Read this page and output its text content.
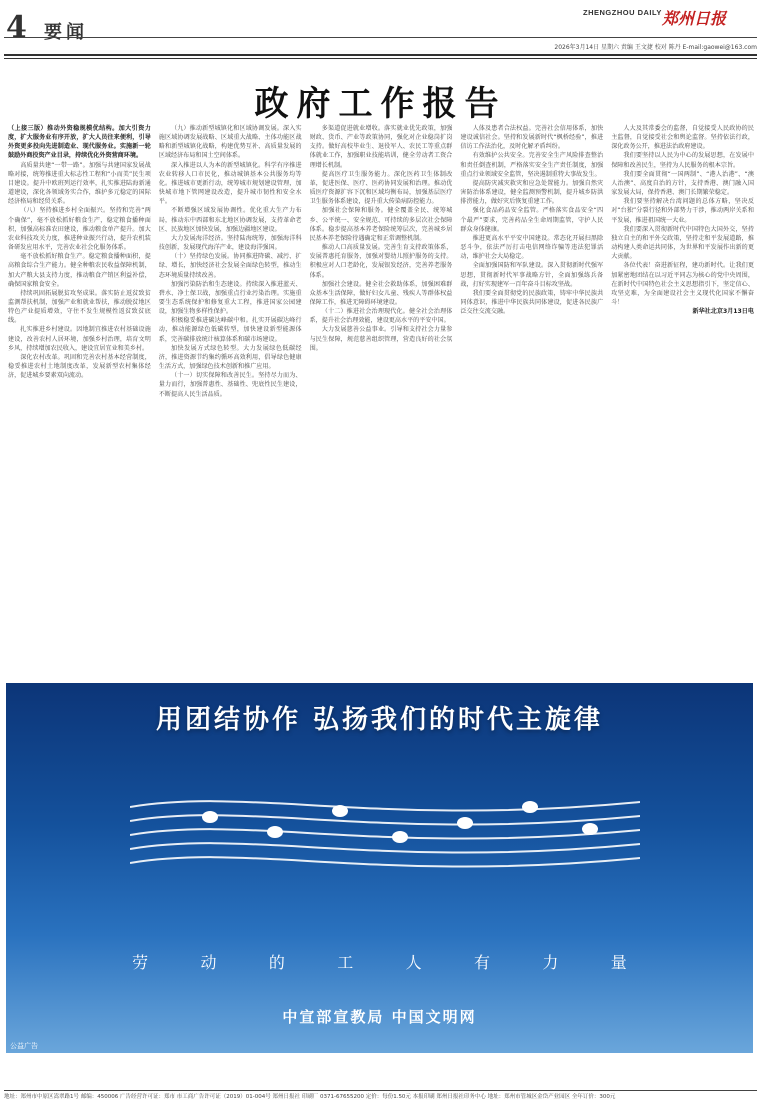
4 要闻
ZHENGZHOU DAILY 郑州日报
2026年3月14日 星期六 责编 王文捷 校对 陈丹 E-mail:gaowei@163.com
政府工作报告

（上接三版）推动外资稳规模优结构。加大引资力度，扩大服务业有序开放，扩大人员往来便利，引导外资更多投向先进制造业、现代服务业。实施新一轮鼓励外商投资产业目录，持续优化外资营商环境。

高质量共建“一带一路”。加强与共建国家发展战略对接，统筹推进重大标志性工程和“小而美”民生项目建设。提升中欧班列运行效率，扎实推进陆海新通道建设，深化各领域务实合作，维护多元稳定的国际经济格局和经贸关系。

（八）坚持推进乡村全面振兴。坚持和完善“两个确保”，毫不放松抓好粮食生产，稳定粮食播种面积，加强高标准农田建设，推动粮食单产提升。加大农业科技攻关力度，推进种业振兴行动，提升农机装备研发应用水平，完善农业社会化服务体系。

毫不放松抓好粮食生产。稳定粮食播种面积，提高粮食综合生产能力。健全种粮农民收益保障机制，加大产粮大县支持力度，推动粮食产销区利益补偿，确保国家粮食安全。

持续巩固拓展脱贫攻坚成果。落实防止返贫致贫监测帮扶机制，加强产业和就业帮扶，推动脱贫地区特色产业提质增效，守住不发生规模性返贫致贫底线。

扎实推进乡村建设。因地制宜推进农村基础设施建设，改善农村人居环境，加强乡村治理，培育文明乡风，持续增加农民收入，建设宜居宜业和美乡村。

深化农村改革。巩固和完善农村基本经营制度，稳妥推进农村土地制度改革，发展新型农村集体经济，促进城乡要素双向流动。

（九）推动新型城镇化和区域协调发展。深入实施区域协调发展战略、区域重大战略、主体功能区战略和新型城镇化战略，构建优势互补、高质量发展的区域经济布局和国土空间体系。

深入推进以人为本的新型城镇化。科学有序推进农业转移人口市民化，推动城镇基本公共服务均等化。推进城市更新行动，统筹城市规划建设管理，加快城市地下管网建设改造，提升城市韧性和安全水平。

不断增强区域发展协调性。优化重大生产力布局，推动东中西部和东北地区协调发展，支持革命老区、民族地区加快发展，加强边疆地区建设。

大力发展海洋经济。坚持陆海统筹，加强海洋科技创新，发展现代海洋产业，建设海洋强国。

（十）坚持绿色发展。协同推进降碳、减污、扩绿、增长，加快经济社会发展全面绿色转型，推动生态环境质量持续改善。

加强污染防治和生态建设。持续深入推进蓝天、碧水、净土保卫战，加强重点行业污染治理。实施重要生态系统保护和修复重大工程，推进国家公园建设，加强生物多样性保护。

积极稳妥推进碳达峰碳中和。扎实开展碳达峰行动，推动能源绿色低碳转型，加快建设新型能源体系，完善碳排放统计核算体系和碳市场建设。

加快发展方式绿色转型。大力发展绿色低碳经济，推进资源节约集约循环高效利用，倡导绿色健康生活方式，加强绿色技术创新和推广应用。

（十一）切实保障和改善民生。坚持尽力而为、量力而行，加强普惠性、基础性、兜底性民生建设，不断提高人民生活品质。

多渠道促进就业增收。落实就业优先政策，加强财政、货币、产业等政策协同，强化对企业稳岗扩岗支持。做好高校毕业生、退役军人、农民工等重点群体就业工作，加强职业技能培训，健全劳动者工资合理增长机制。

提高医疗卫生服务能力。深化医药卫生体制改革，促进医保、医疗、医药协同发展和治理。推动优质医疗资源扩容下沉和区域均衡布局，加强基层医疗卫生服务体系建设，提升重大传染病防控能力。

加强社会保障和服务。健全覆盖全民、统筹城乡、公平统一、安全规范、可持续的多层次社会保障体系。稳步提高基本养老保险统筹层次，完善城乡居民基本养老保险待遇确定和正常调整机制。

推动人口高质量发展。完善生育支持政策体系，发展普惠托育服务，加强对婴幼儿照护服务的支持。积极应对人口老龄化，发展银发经济，完善养老服务体系。

加强社会建设。健全社会救助体系，加强困难群众基本生活保障，做好妇女儿童、残疾人等群体权益保障工作，推进无障碍环境建设。

（十二）推进社会治理现代化。健全社会治理体系，提升社会治理效能，建设更高水平的平安中国。

大力发展慈善公益事业。引导和支持社会力量参与民生保障，规范慈善组织管理，营造良好的社会氛围。

人体及患者合法权益。完善社会信用体系，加快建设诚信社会。坚持和发展新时代“枫桥经验”，推进信访工作法治化，及时化解矛盾纠纷。

有效维护公共安全。完善安全生产风险排查整治和责任倒查机制，严格落实安全生产责任制度，加强重点行业领域安全监管，坚决遏制重特大事故发生。

提高防灾减灾救灾和应急处置能力。加强自然灾害防治体系建设，健全监测预警机制，提升城乡防洪排涝能力，做好灾后恢复重建工作。

强化食品药品安全监管。严格落实食品安全“四个最严”要求，完善药品全生命周期监管，守护人民群众身体健康。

推进更高水平平安中国建设。常态化开展扫黑除恶斗争，依法严厉打击电信网络诈骗等违法犯罪活动，维护社会大局稳定。

全面加强国防和军队建设。深入贯彻新时代强军思想，贯彻新时代军事战略方针，全面加强练兵备战，打好实现建军一百年奋斗目标攻坚战。

我们要全面贯彻党的民族政策，铸牢中华民族共同体意识，推进中华民族共同体建设，促进各民族广泛交往交流交融。

人大及其常委会的监督，自觉接受人民政协的民主监督，自觉接受社会和舆论监督。坚持依法行政，深化政务公开，推进法治政府建设。

我们要坚持以人民为中心的发展思想，在发展中保障和改善民生，坚持为人民服务的根本宗旨。

我们要全面贯彻“一国两制”、“港人治港”、“澳人治澳”、高度自治的方针，支持香港、澳门融入国家发展大局，保持香港、澳门长期繁荣稳定。

我们要坚持解决台湾问题的总体方略，坚决反对“台独”分裂行径和外部势力干涉，推动两岸关系和平发展，推进祖国统一大业。

我们要深入贯彻新时代中国特色大国外交，坚持独立自主的和平外交政策，坚持走和平发展道路，推动构建人类命运共同体，为世界和平发展作出新的更大贡献。

各位代表！奋进新征程，建功新时代。让我们更加紧密地团结在以习近平同志为核心的党中央周围，在新时代中国特色社会主义思想指引下，坚定信心、攻坚克难，为全面建设社会主义现代化国家不懈奋斗！

新华社北京3月13日电

用团结协作 弘扬我们的时代主旋律
劳	动	的	工	人	有	力	量
中宣部宣教局 中国文明网
公益广告
地址：郑州市中原区嵩翠路1号 邮编：450006 广告经营许可证：郑市 市工商广告许可证（2019）01-004号 郑州日报社 印刷厂 0371-67655200 定价：每份1.50元 本报印刷 郑州日报社印务中心 地址：郑州市管城区金岱产业园区 全年订价：300元
